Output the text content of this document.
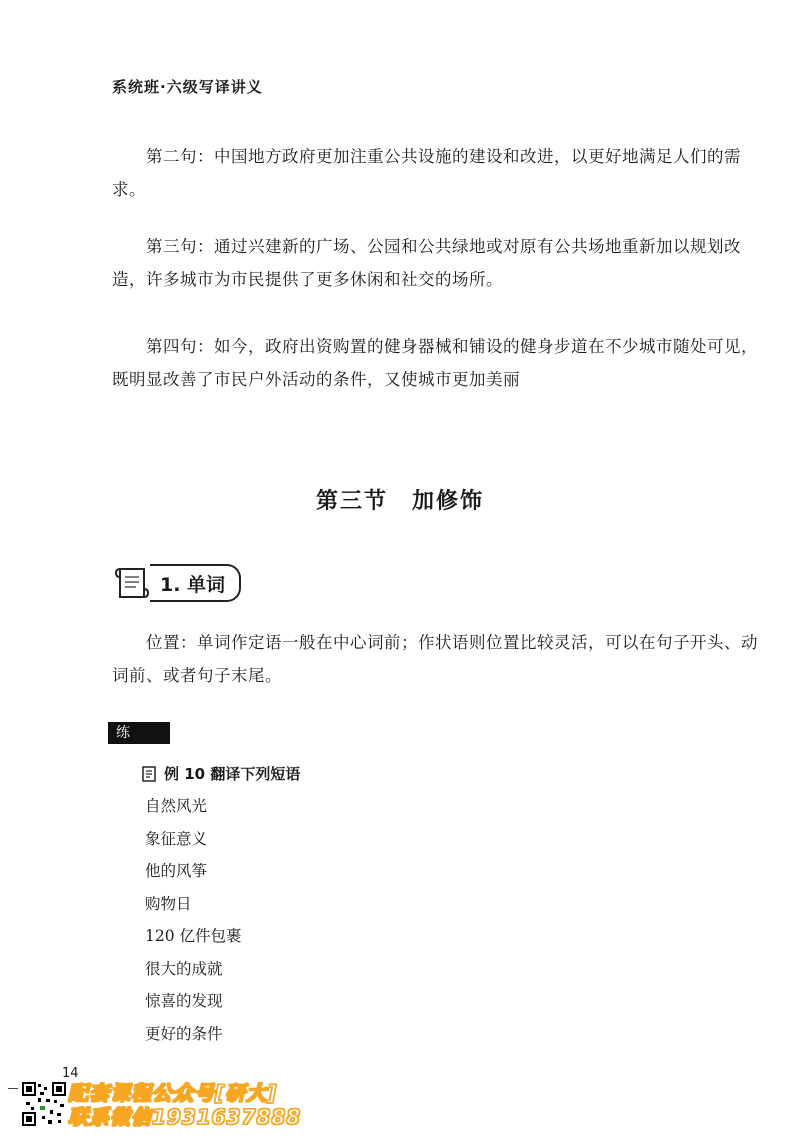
系统班·六级写译讲义

第二句：中国地方政府更加注重公共设施的建设和改进，以更好地满足人们的需求。

第三句：通过兴建新的广场、公园和公共绿地或对原有公共场地重新加以规划改造，许多城市为市民提供了更多休闲和社交的场所。

第四句：如今，政府出资购置的健身器械和铺设的健身步道在不少城市随处可见，既明显改善了市民户外活动的条件，又使城市更加美丽

第三节 加修饰
1. 单词

位置：单词作定语一般在中心词前；作状语则位置比较灵活，可以在句子开头、动词前、或者句子末尾。

练 习
例 10 翻译下列短语
自然风光
象征意义
他的风筝
购物日
120 亿件包裹
很大的成就
惊喜的发现
更好的条件
14
配套课程公众号[研大]
联系微信1931637888
